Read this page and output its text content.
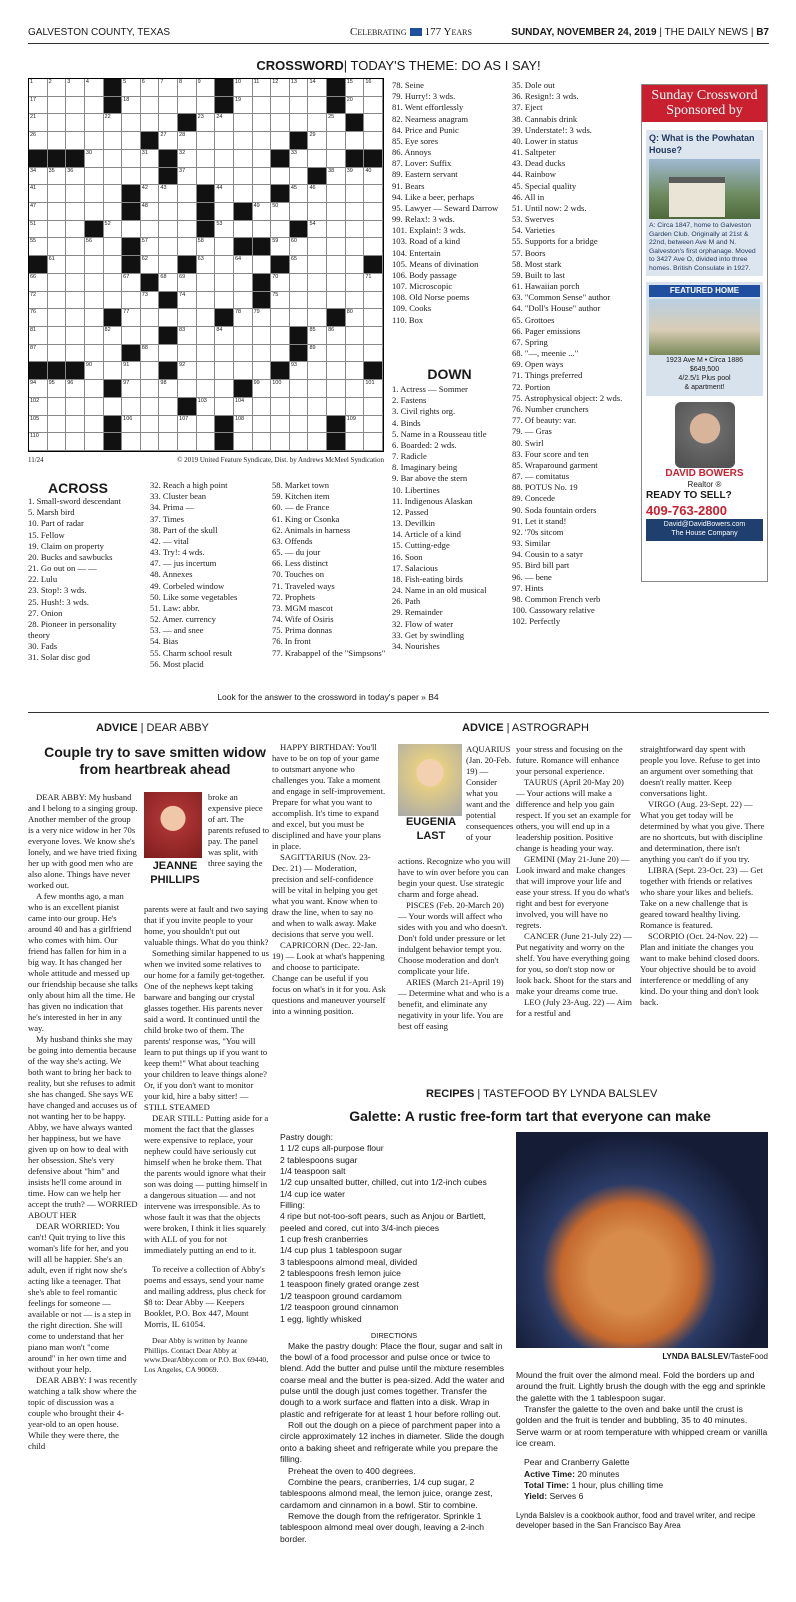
GALVESTON COUNTY, TEXAS	Celebrating 177 Years	SUNDAY, NOVEMBER 24, 2019 | THE DAILY NEWS | B7
CROSSWORD| TODAY'S THEME: DO AS I SAY!
1	2	3	4	5	6	7	8	9	10	11	12	13	14	15	16
17	18	19	20
21	22	23	24	25
26	27	28	29
30	31	32	33
34	35	36	37	38	39	40
41	42	43	44	45	46
47	48	49	50
51	52	53	54
55	56	57	58	59	60
61	62	63	64	65
66	67	68	69	70	71
72	73	74	75
76	77	78	79	80
81	82	83	84	85	86
87	88	89
90	91	92	93
94	95	96	97	98	99	100	101
102	103	104
105	106	107	108	109
110
11/24	© 2019 United Feature Syndicate, Dist. by Andrews McMeel Syndication
ACROSS
1. Small-sword descendant
5. Marsh bird
10. Part of radar
15. Fellow
19. Claim on property
20. Bucks and sawbucks
21. Go out on — —
22. Lulu
23. Stop!: 3 wds.
25. Hush!: 3 wds.
27. Onion
28. Pioneer in personality theory
30. Fads
31. Solar disc god
32. Reach a high point
33. Cluster bean
34. Prima —
37. Times
38. Part of the skull
42. — vital
43. Try!: 4 wds.
47. — jus incertum
48. Annexes
49. Corbeled window
50. Like some vegetables
51. Law: abbr.
52. Amer. currency
53. — and snee
54. Bias
55. Charm school result
56. Most placid
58. Market town
59. Kitchen item
60. — de France
61. King or Csonka
62. Animals in harness
63. Offends
65. — du jour
66. Less distinct
70. Touches on
71. Traveled ways
72. Prophets
73. MGM mascot
74. Wife of Osiris
75. Prima donnas
76. In front
77. Krabappel of the "Simpsons"
78. Seine
79. Hurry!: 3 wds.
81. Went effortlessly
82. Nearness anagram
84. Price and Punic
85. Eye sores
86. Annoys
87. Lover: Suffix
89. Eastern servant
91. Bears
94. Like a beer, perhaps
95. Lawyer — Seward Darrow
99. Relax!: 3 wds.
101. Explain!: 3 wds.
103. Road of a kind
104. Entertain
105. Means of divination
106. Body passage
107. Microscopic
108. Old Norse poems
109. Cooks
110. Box
DOWN
1. Actress — Sommer
2. Fastens
3. Civil rights org.
4. Binds
5. Name in a Rousseau title
6. Boarded: 2 wds.
7. Radicle
8. Imaginary being
9. Bar above the stern
10. Libertines
11. Indigenous Alaskan
12. Passed
13. Devilkin
14. Article of a kind
15. Cutting-edge
16. Soon
17. Salacious
18. Fish-eating birds
24. Name in an old musical
26. Path
29. Remainder
32. Flow of water
33. Get by swindling
34. Nourishes
35. Dole out
36. Resign!: 3 wds.
37. Eject
38. Cannabis drink
39. Understate!: 3 wds.
40. Lower in status
41. Saltpeter
43. Dead ducks
44. Rainbow
45. Special quality
46. All in
51. Until now: 2 wds.
53. Swerves
54. Varieties
55. Supports for a bridge
57. Boors
58. Most stark
59. Built to last
61. Hawaiian porch
63. "Common Sense" author
64. "Doll's House" author
65. Grottoes
66. Pager emissions
67. Spring
68. "—, meenie ..."
69. Open ways
71. Things preferred
72. Portion
75. Astrophysical object: 2 wds.
76. Number crunchers
77. Of beauty: var.
79. — Gras
80. Swirl
83. Four score and ten
85. Wraparound garment
87. — comitatus
88. POTUS No. 19
89. Concede
90. Soda fountain orders
91. Let it stand!
92. '70s sitcom
93. Similar
94. Cousin to a satyr
95. Bird bill part
96. — bene
97. Hints
98. Common French verb
100. Cassowary relative
102. Perfectly
Look for the answer to the crossword in today's paper » B4
Sunday Crossword Sponsored by
Q: What is the Powhatan House?
A: Circa 1847, home to Galveston Garden Club. Originally at 21st & 22nd, between Ave M and N. Galveston's first orphanage. Moved to 3427 Ave O, divided into three homes. British Consulate in 1927.
FEATURED HOME
1923 Ave M • Circa 1886
$649,500
4/2.5/1 Plus pool
& apartment!
DAVID BOWERS
Realtor ®
READY TO SELL?
409-763-2800
David@DavidBowers.com
The House Company
ADVICE | DEAR ABBY
Couple try to save smitten widow from heartbreak ahead

DEAR ABBY: My husband and I belong to a singing group. Another member of the group is a very nice widow in her 70s everyone loves. We know she's lonely, and we have tried fixing her up with good men who are also alone. Things have never worked out.

A few months ago, a man who is an excellent pianist came into our group. He's around 40 and has a girlfriend who comes with him. Our friend has fallen for him in a big way. It has changed her whole attitude and messed up our friendship because she talks only about him all the time. He has given no indication that he's interested in her in any way.

My husband thinks she may be going into dementia because of the way she's acting. We both want to bring her back to reality, but she refuses to admit she has changed. She says WE have changed and accuses us of not wanting her to be happy. Abby, we have always wanted her happiness, but we have given up on how to deal with her obsession. She's very defensive about "him" and insists he'll come around in time. How can we help her accept the truth? — WORRIED ABOUT HER

DEAR WORRIED: You can't! Quit trying to live this woman's life for her, and you will all be happier. She's an adult, even if right now she's acting like a teenager. That she's able to feel romantic feelings for someone — available or not — is a step in the right direction. She will come to understand that her piano man won't "come around" in her own time and without your help.

DEAR ABBY: I was recently watching a talk show where the topic of discussion was a couple who brought their 4-year-old to an open house. While they were there, the child

JEANNE PHILLIPS

broke an expensive piece of art. The parents refused to pay. The panel was split, with three saying the

parents were at fault and two saying that if you invite people to your home, you shouldn't put out valuable things. What do you think?

Something similar happened to us when we invited some relatives to our home for a family get-together. One of the nephews kept taking barware and banging our crystal glasses together. His parents never said a word. It continued until the child broke two of them. The parents' response was, "You will learn to put things up if you want to keep them!" What about teaching your children to leave things alone? Or, if you don't want to monitor your kid, hire a baby sitter! — STILL STEAMED

DEAR STILL: Putting aside for a moment the fact that the glasses were expensive to replace, your nephew could have seriously cut himself when he broke them. That the parents would ignore what their son was doing — putting himself in a dangerous situation — and not intervene was irresponsible. As to whose fault it was that the objects were broken, I think it lies squarely with ALL of you for not immediately putting an end to it.

To receive a collection of Abby's poems and essays, send your name and mailing address, plus check for $8 to: Dear Abby — Keepers Booklet, P.O. Box 447, Mount Morris, IL 61054.

Dear Abby is written by Jeanne Phillips. Contact Dear Abby at www.DearAbby.com or P.O. Box 69440, Los Angeles, CA 90069.

HAPPY BIRTHDAY: You'll have to be on top of your game to outsmart anyone who challenges you. Take a moment and engage in self-improvement. Prepare for what you want to accomplish. It's time to expand and excel, but you must be disciplined and have your plans in place.

SAGITTARIUS (Nov. 23-Dec. 21) — Moderation, precision and self-confidence will be vital in helping you get what you want. Know when to draw the line, when to say no and when to walk away. Make decisions that serve you well.

CAPRICORN (Dec. 22-Jan. 19) — Look at what's happening and choose to participate. Change can be useful if you focus on what's in it for you. Ask questions and maneuver yourself into a winning position.

ADVICE | ASTROGRAPH
EUGENIA LAST

AQUARIUS (Jan. 20-Feb. 19) — Consider what you want and the potential consequences of your

actions. Recognize who you will have to win over before you can begin your quest. Use strategic charm and forge ahead.

PISCES (Feb. 20-March 20) — Your words will affect who sides with you and who doesn't. Don't fold under pressure or let indulgent behavior tempt you. Choose moderation and don't complicate your life.

ARIES (March 21-April 19) — Determine what and who is a benefit, and eliminate any negativity in your life. You are best off easing

your stress and focusing on the future. Romance will enhance your personal experience.

TAURUS (April 20-May 20) — Your actions will make a difference and help you gain respect. If you set an example for others, you will end up in a leadership position. Positive change is heading your way.

GEMINI (May 21-June 20) — Look inward and make changes that will improve your life and ease your stress. If you do what's right and best for everyone involved, you will have no regrets.

CANCER (June 21-July 22) — Put negativity and worry on the shelf. You have everything going for you, so don't stop now or look back. Shoot for the stars and make your dreams come true.

LEO (July 23-Aug. 22) — Aim for a restful and

straightforward day spent with people you love. Refuse to get into an argument over something that doesn't really matter. Keep conversations light.

VIRGO (Aug. 23-Sept. 22) — What you get today will be determined by what you give. There are no shortcuts, but with discipline and determination, there isn't anything you can't do if you try.

LIBRA (Sept. 23-Oct. 23) — Get together with friends or relatives who share your likes and beliefs. Take on a new challenge that is geared toward healthy living. Romance is featured.

SCORPIO (Oct. 24-Nov. 22) — Plan and initiate the changes you want to make behind closed doors. Your objective should be to avoid interference or meddling of any kind. Do your thing and don't look back.

RECIPES | TASTEFOOD BY LYNDA BALSLEV
Galette: A rustic free-form tart that everyone can make
Pastry dough:
1 1/2 cups all-purpose flour
2 tablespoons sugar
1/4 teaspoon salt
1/2 cup unsalted butter, chilled, cut into 1/2-inch cubes
1/4 cup ice water
Filling:
4 ripe but not-too-soft pears, such as Anjou or Bartlett, peeled and cored, cut into 3/4-inch pieces
1 cup fresh cranberries
1/4 cup plus 1 tablespoon sugar
3 tablespoons almond meal, divided
2 tablespoons fresh lemon juice
1 teaspoon finely grated orange zest
1/2 teaspoon ground cardamom
1/2 teaspoon ground cinnamon
1 egg, lightly whisked
DIRECTIONS

Make the pastry dough: Place the flour, sugar and salt in the bowl of a food processor and pulse once or twice to blend. Add the butter and pulse until the mixture resembles coarse meal and the butter is pea-sized. Add the water and pulse until the dough just comes together. Transfer the dough to a work surface and flatten into a disk. Wrap in plastic and refrigerate for at least 1 hour before rolling out.

Roll out the dough on a piece of parchment paper into a circle approximately 12 inches in diameter. Slide the dough onto a baking sheet and refrigerate while you prepare the filling.

Preheat the oven to 400 degrees.

Combine the pears, cranberries, 1/4 cup sugar, 2 tablespoons almond meal, the lemon juice, orange zest, cardamom and cinnamon in a bowl. Stir to combine.

Remove the dough from the refrigerator. Sprinkle 1 tablespoon almond meal over dough, leaving a 2-inch border.

LYNDA BALSLEV/TasteFood

Mound the fruit over the almond meal. Fold the borders up and around the fruit. Lightly brush the dough with the egg and sprinkle the galette with the 1 tablespoon sugar.

Transfer the galette to the oven and bake until the crust is golden and the fruit is tender and bubbling, 35 to 40 minutes. Serve warm or at room temperature with whipped cream or vanilla ice cream.

Pear and Cranberry Galette
Active Time: 20 minutes
Total Time: 1 hour, plus chilling time
Yield: Serves 6
Lynda Balslev is a cookbook author, food and travel writer, and recipe developer based in the San Francisco Bay Area
